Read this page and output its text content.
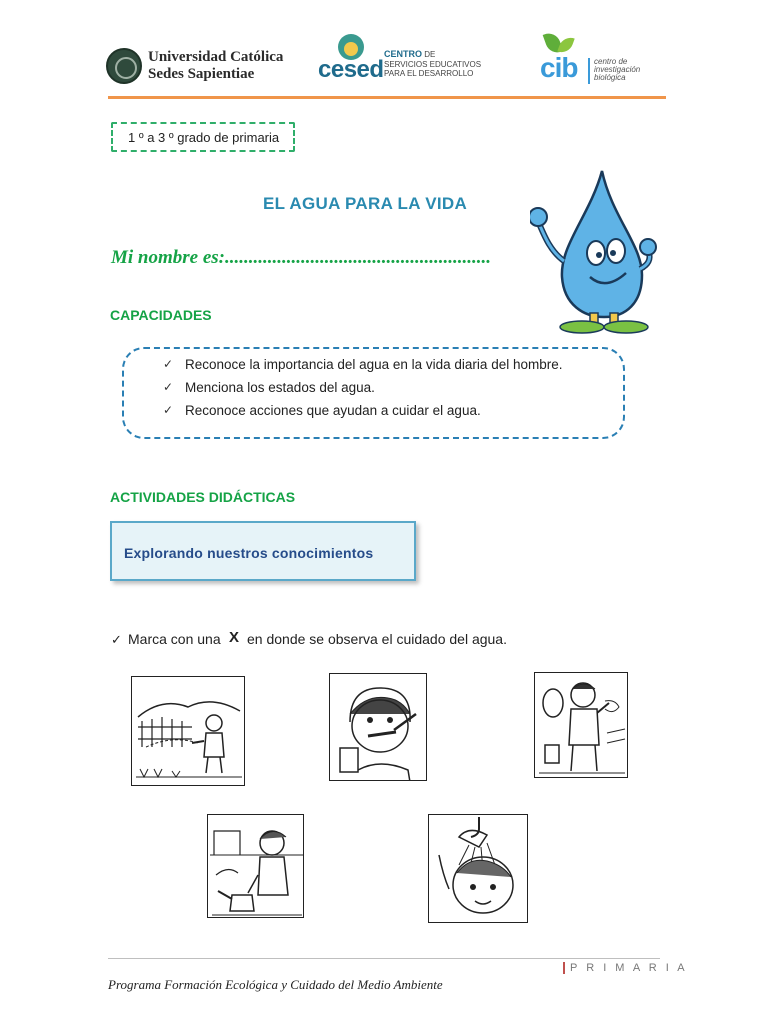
Universidad Católica
Sedes Sapientiae	cesed
CENTRO DE
SERVICIOS EDUCATIVOS
PARA EL DESARROLLO cib centro de
investigación
biológica
1 º a 3 º grado de primaria
EL AGUA PARA LA VIDA
Mi nombre es:........................................................
CAPACIDADES
✓ Reconoce la importancia del agua en la vida diaria del hombre.
✓ Menciona los estados del agua.
✓ Reconoce acciones que ayudan a cuidar el agua.
ACTIVIDADES DIDÁCTICAS
Explorando nuestros conocimientos
✓ Marca con una X en donde se observa el cuidado del agua.
P R I M A R I A
Programa Formación Ecológica y Cuidado del Medio Ambiente
